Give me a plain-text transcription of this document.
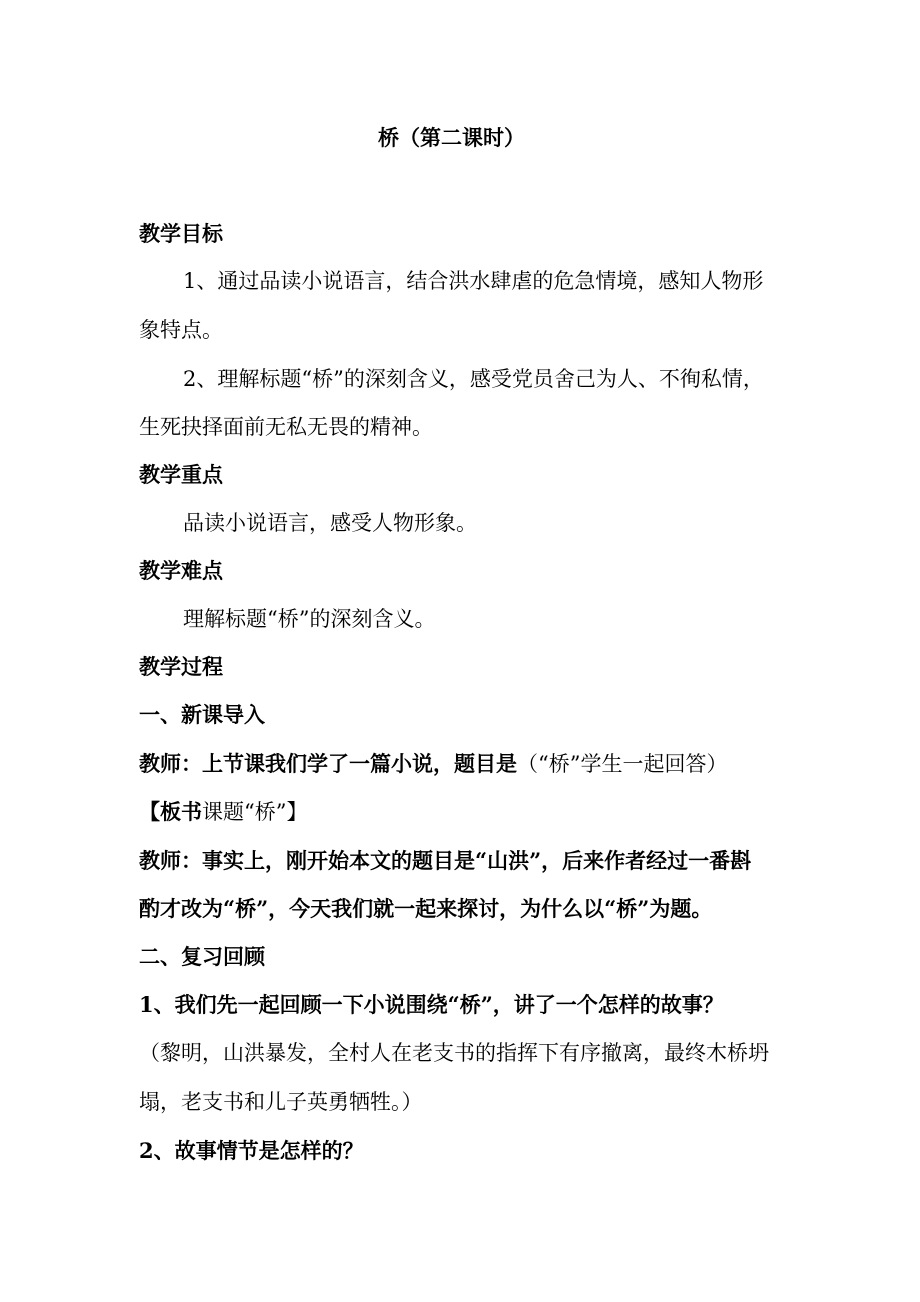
桥（第二课时）
教学目标
1、通过品读小说语言，结合洪水肆虐的危急情境，感知人物形
象特点。
2、理解标题“桥”的深刻含义，感受党员舍己为人、不徇私情，
生死抉择面前无私无畏的精神。
教学重点
品读小说语言，感受人物形象。
教学难点
理解标题“桥”的深刻含义。
教学过程
一、新课导入
教师：上节课我们学了一篇小说，题目是（“桥”学生一起回答）
【板书课题“桥”】
教师：事实上，刚开始本文的题目是“山洪”，后来作者经过一番斟
酌才改为“桥”，今天我们就一起来探讨，为什么以“桥”为题。
二、复习回顾
1、我们先一起回顾一下小说围绕“桥”，讲了一个怎样的故事？
（黎明，山洪暴发，全村人在老支书的指挥下有序撤离，最终木桥坍
塌，老支书和儿子英勇牺牲。）
2、故事情节是怎样的？
